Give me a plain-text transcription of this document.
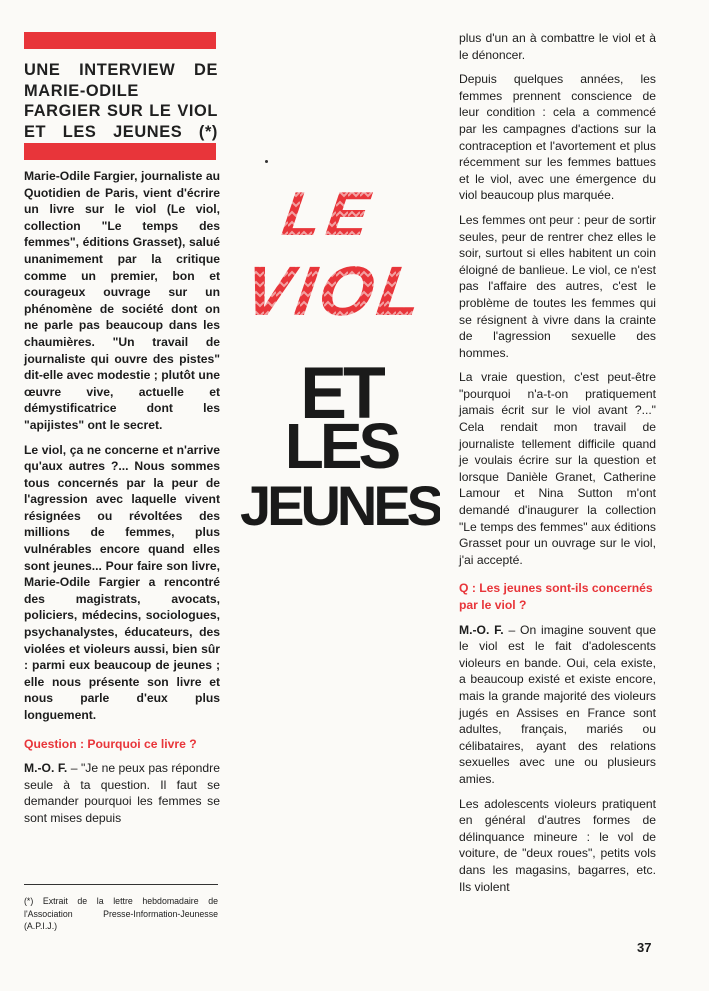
UNE INTERVIEW DE MARIE-ODILE FARGIER SUR LE VIOL ET LES JEUNES (*)

Marie-Odile Fargier, journaliste au Quotidien de Paris, vient d'écrire un livre sur le viol (Le viol, collection "Le temps des femmes", éditions Grasset), salué unanimement par la critique comme un premier, bon et courageux ouvrage sur un phénomène de société dont on ne parle pas beaucoup dans les chaumières. "Un travail de journaliste qui ouvre des pistes" dit-elle avec modestie ; plutôt une œuvre vive, actuelle et démystificatrice dont les "apijistes" ont le secret.

Le viol, ça ne concerne et n'arrive qu'aux autres ?... Nous sommes tous concernés par la peur de l'agression avec laquelle vivent résignées ou révoltées des millions de femmes, plus vulnérables encore quand elles sont jeunes... Pour faire son livre, Marie-Odile Fargier a rencontré des magistrats, avocats, policiers, médecins, sociologues, psychanalystes, éducateurs, des violées et violeurs aussi, bien sûr : parmi eux beaucoup de jeunes ; elle nous présente son livre et nous parle d'eux plus longuement.

Question : Pourquoi ce livre ?

M.-O. F. – "Je ne peux pas répondre seule à ta question. Il faut se demander pourquoi les femmes se sont mises depuis

(*) Extrait de la lettre hebdomadaire de l'Association Presse-Information-Jeunesse (A.P.I.J.)

ET
LES
JEUNES

plus d'un an à combattre le viol et à le dénoncer.

Depuis quelques années, les femmes prennent conscience de leur condition : cela a commencé par les campagnes d'actions sur la contraception et l'avortement et plus récemment sur les femmes battues et le viol, avec une émergence du viol beaucoup plus marquée.

Les femmes ont peur : peur de sortir seules, peur de rentrer chez elles le soir, surtout si elles habitent un coin éloigné de banlieue. Le viol, ce n'est pas l'affaire des autres, c'est le problème de toutes les femmes qui se résignent à vivre dans la crainte de l'agression sexuelle des hommes.

La vraie question, c'est peut-être "pourquoi n'a-t-on pratiquement jamais écrit sur le viol avant ?..." Cela rendait mon travail de journaliste tellement difficile quand je voulais écrire sur la question et lorsque Danièle Granet, Catherine Lamour et Nina Sutton m'ont demandé d'inaugurer la collection "Le temps des femmes" aux éditions Grasset pour un ouvrage sur le viol, j'ai accepté.

Q : Les jeunes sont-ils concernés par le viol ?

M.-O. F. – On imagine souvent que le viol est le fait d'adolescents violeurs en bande. Oui, cela existe, a beaucoup existé et existe encore, mais la grande majorité des violeurs jugés en Assises en France sont adultes, français, mariés ou célibataires, ayant des relations sexuelles avec une ou plusieurs amies.

Les adolescents violeurs pratiquent en général d'autres formes de délinquance mineure : le vol de voiture, de "deux roues", petits vols dans les magasins, bagarres, etc. Ils violent

37
